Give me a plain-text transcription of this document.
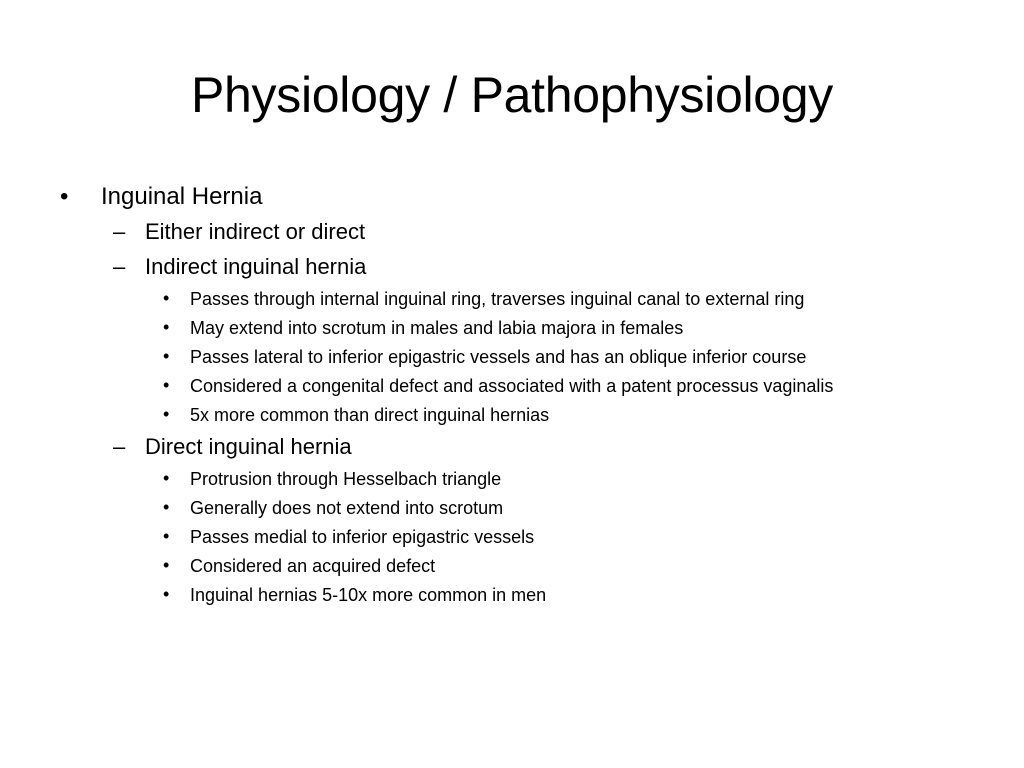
Physiology / Pathophysiology
• Inguinal Hernia
– Either indirect or direct
– Indirect inguinal hernia
• Passes through internal inguinal ring, traverses inguinal canal to external ring
• May extend into scrotum in males and labia majora in females
• Passes lateral to inferior epigastric vessels and has an oblique inferior course
• Considered a congenital defect and associated with a patent processus vaginalis
• 5x more common than direct inguinal hernias
– Direct inguinal hernia
• Protrusion through Hesselbach triangle
• Generally does not extend into scrotum
• Passes medial to inferior epigastric vessels
• Considered an acquired defect
• Inguinal hernias 5-10x more common in men
